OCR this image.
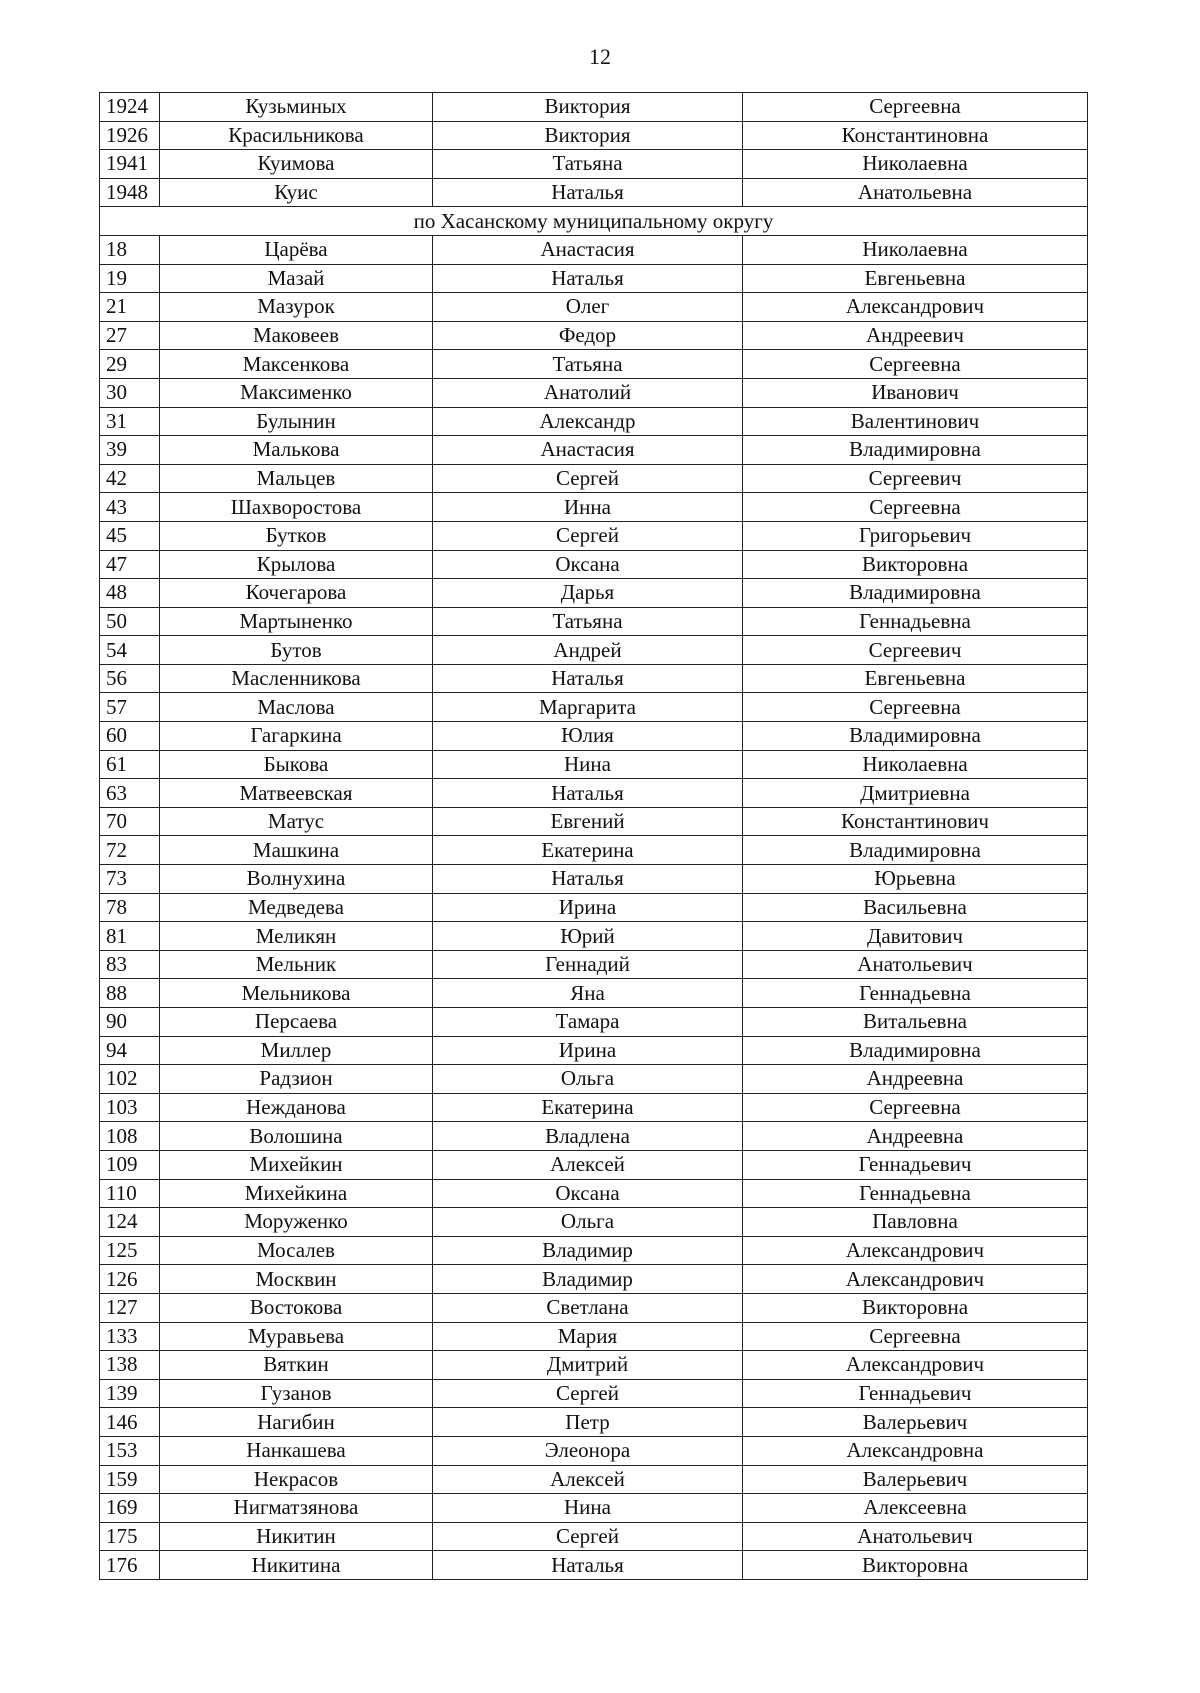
12
1924	Кузьминых	Виктория	Сергеевна
1926	Красильникова	Виктория	Константиновна
1941	Куимова	Татьяна	Николаевна
1948	Куис	Наталья	Анатольевна
по Хасанскому муниципальному округу			
18	Царёва	Анастасия	Николаевна
19	Мазай	Наталья	Евгеньевна
21	Мазурок	Олег	Александрович
27	Маковеев	Федор	Андреевич
29	Максенкова	Татьяна	Сергеевна
30	Максименко	Анатолий	Иванович
31	Булынин	Александр	Валентинович
39	Малькова	Анастасия	Владимировна
42	Мальцев	Сергей	Сергеевич
43	Шахворостова	Инна	Сергеевна
45	Бутков	Сергей	Григорьевич
47	Крылова	Оксана	Викторовна
48	Кочегарова	Дарья	Владимировна
50	Мартыненко	Татьяна	Геннадьевна
54	Бутов	Андрей	Сергеевич
56	Масленникова	Наталья	Евгеньевна
57	Маслова	Маргарита	Сергеевна
60	Гагаркина	Юлия	Владимировна
61	Быкова	Нина	Николаевна
63	Матвеевская	Наталья	Дмитриевна
70	Матус	Евгений	Константинович
72	Машкина	Екатерина	Владимировна
73	Волнухина	Наталья	Юрьевна
78	Медведева	Ирина	Васильевна
81	Меликян	Юрий	Давитович
83	Мельник	Геннадий	Анатольевич
88	Мельникова	Яна	Геннадьевна
90	Персаева	Тамара	Витальевна
94	Миллер	Ирина	Владимировна
102	Радзион	Ольга	Андреевна
103	Нежданова	Екатерина	Сергеевна
108	Волошина	Владлена	Андреевна
109	Михейкин	Алексей	Геннадьевич
110	Михейкина	Оксана	Геннадьевна
124	Моруженко	Ольга	Павловна
125	Мосалев	Владимир	Александрович
126	Москвин	Владимир	Александрович
127	Востокова	Светлана	Викторовна
133	Муравьева	Мария	Сергеевна
138	Вяткин	Дмитрий	Александрович
139	Гузанов	Сергей	Геннадьевич
146	Нагибин	Петр	Валерьевич
153	Нанкашева	Элеонора	Александровна
159	Некрасов	Алексей	Валерьевич
169	Нигматзянова	Нина	Алексеевна
175	Никитин	Сергей	Анатольевич
176	Никитина	Наталья	Викторовна
